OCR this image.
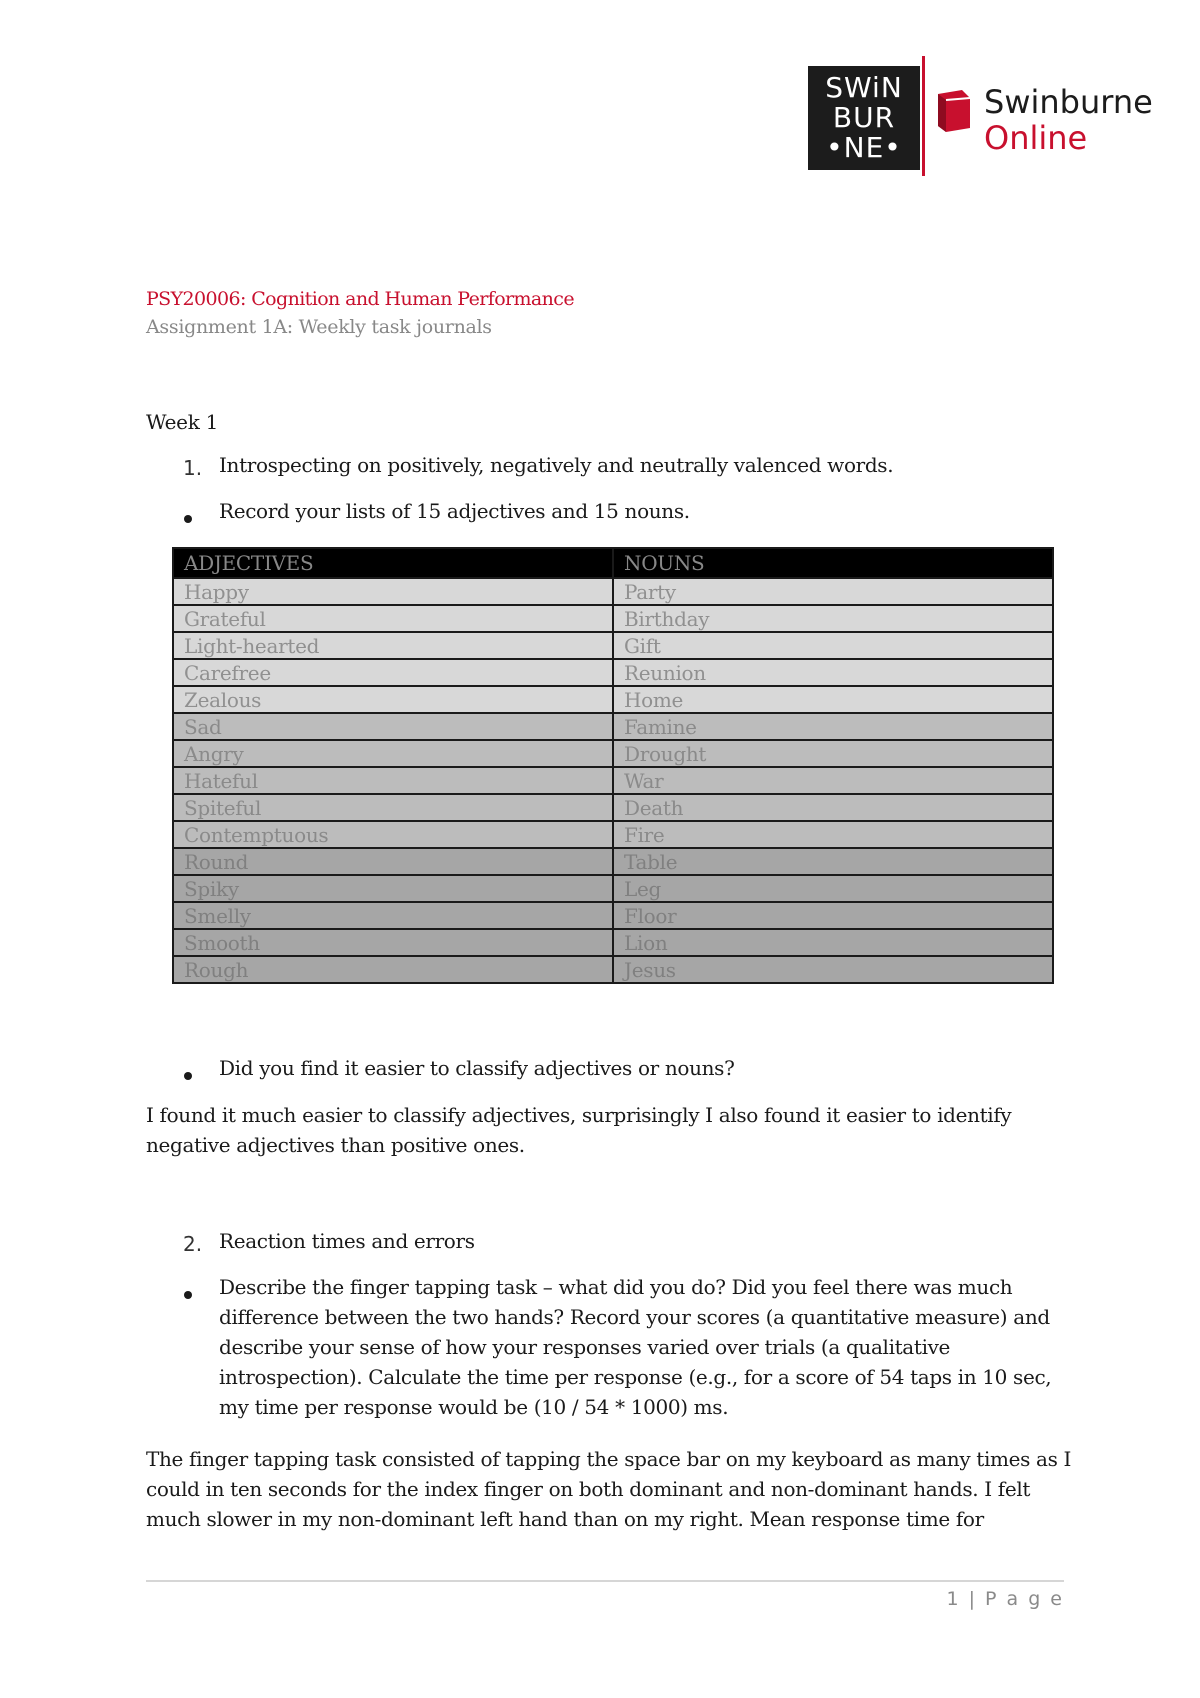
SWiN
BUR
•NE•
Swinburne
Online
PSY20006: Cognition and Human Performance
Assignment 1A: Weekly task journals
Week 1
1. Introspecting on positively, negatively and neutrally valenced words.
Record your lists of 15 adjectives and 15 nouns.
ADJECTIVES	NOUNS
Happy	Party
Grateful	Birthday
Light-hearted	Gift
Carefree	Reunion
Zealous	Home
Sad	Famine
Angry	Drought
Hateful	War
Spiteful	Death
Contemptuous	Fire
Round	Table
Spiky	Leg
Smelly	Floor
Smooth	Lion
Rough	Jesus
Did you find it easier to classify adjectives or nouns?
I found it much easier to classify adjectives, surprisingly I also found it easier to identify
negative adjectives than positive ones.
2. Reaction times and errors
Describe the finger tapping task – what did you do? Did you feel there was much
difference between the two hands? Record your scores (a quantitative measure) and
describe your sense of how your responses varied over trials (a qualitative
introspection). Calculate the time per response (e.g., for a score of 54 taps in 10 sec,
my time per response would be (10 / 54 * 1000) ms.
The finger tapping task consisted of tapping the space bar on my keyboard as many times as I
could in ten seconds for the index finger on both dominant and non-dominant hands. I felt
much slower in my non-dominant left hand than on my right. Mean response time for
1 | P a g e
